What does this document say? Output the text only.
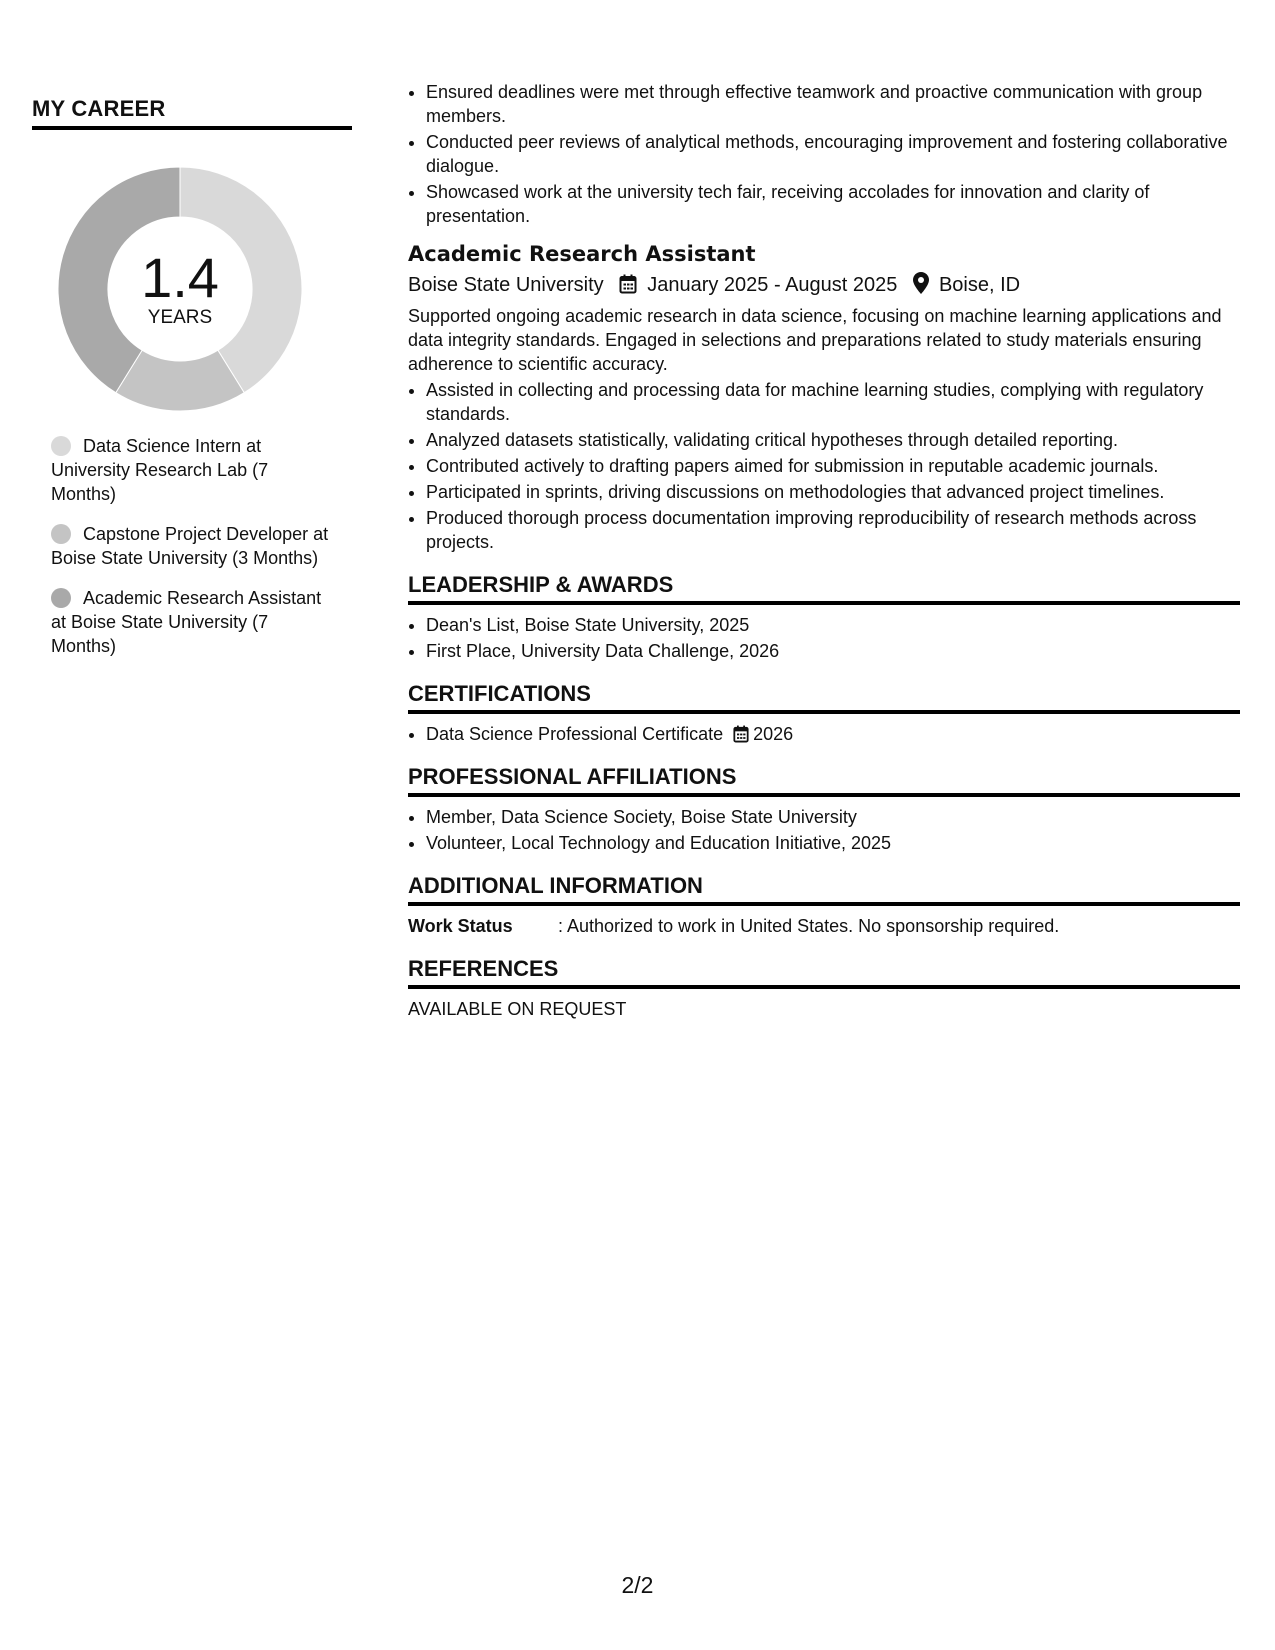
MY CAREER
1.4
YEARS
Data Science Intern at University Research Lab (7 Months)
Capstone Project Developer at Boise State University (3 Months)
Academic Research Assistant at Boise State University (7 Months)
• Ensured deadlines were met through effective teamwork and proactive communication with group members.
• Conducted peer reviews of analytical methods, encouraging improvement and fostering collaborative dialogue.
• Showcased work at the university tech fair, receiving accolades for innovation and clarity of presentation.
Academic Research Assistant
Boise State University January 2025 - August 2025 Boise, ID
Supported ongoing academic research in data science, focusing on machine learning applications and data integrity standards. Engaged in selections and preparations related to study materials ensuring adherence to scientific accuracy.
• Assisted in collecting and processing data for machine learning studies, complying with regulatory standards.
• Analyzed datasets statistically, validating critical hypotheses through detailed reporting.
• Contributed actively to drafting papers aimed for submission in reputable academic journals.
• Participated in sprints, driving discussions on methodologies that advanced project timelines.
• Produced thorough process documentation improving reproducibility of research methods across projects.
LEADERSHIP & AWARDS
• Dean's List, Boise State University, 2025
• First Place, University Data Challenge, 2026
CERTIFICATIONS
• Data Science Professional Certificate 2026
PROFESSIONAL AFFILIATIONS
• Member, Data Science Society, Boise State University
• Volunteer, Local Technology and Education Initiative, 2025
ADDITIONAL INFORMATION
Work Status	: Authorized to work in United States. No sponsorship required.
REFERENCES
AVAILABLE ON REQUEST
2/2
